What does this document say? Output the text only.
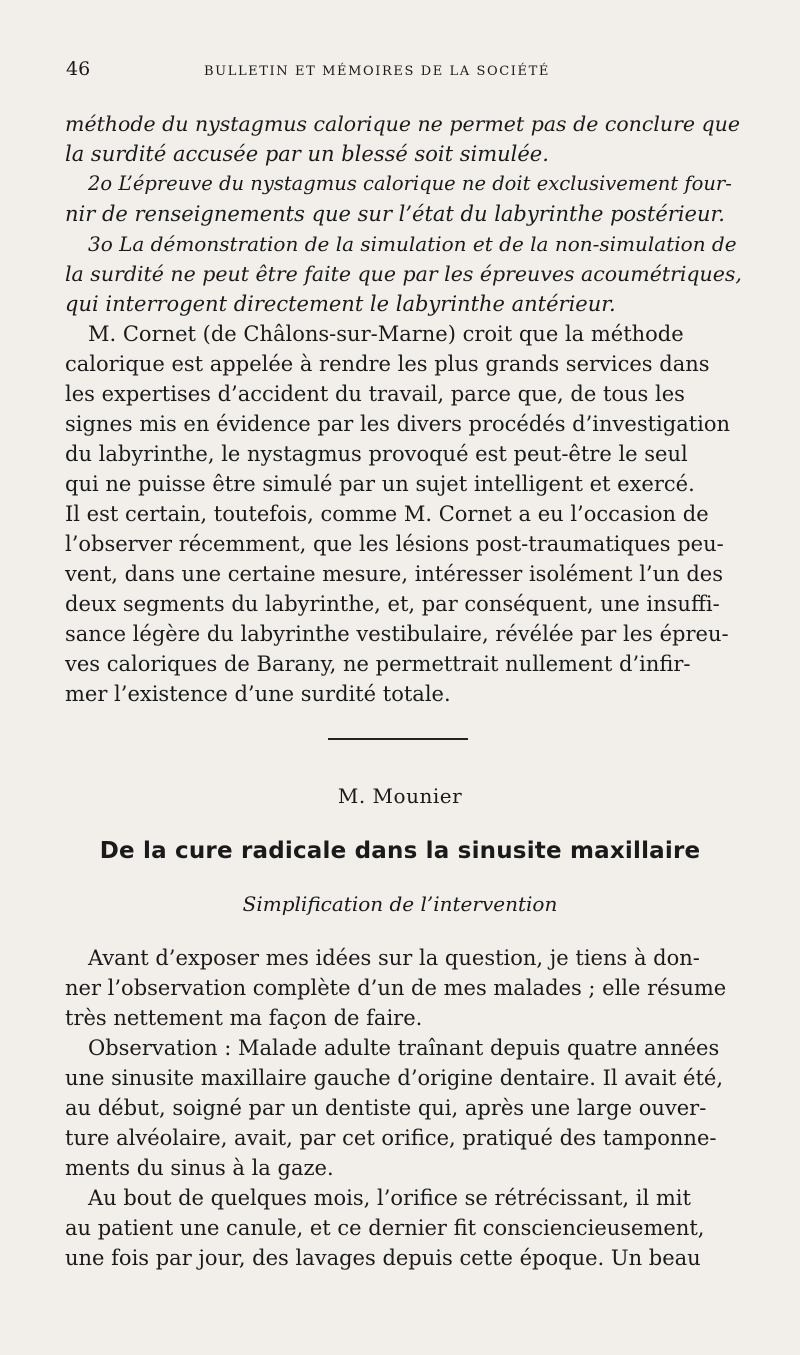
46	BULLETIN ET MÉMOIRES DE LA SOCIÉTÉ
méthode du nystagmus calorique ne permet pas de conclure que
la surdité accusée par un blessé soit simulée.
2o L’épreuve du nystagmus calorique ne doit exclusivement four-
nir de renseignements que sur l’état du labyrinthe postérieur.
3o La démonstration de la simulation et de la non-simulation de
la surdité ne peut être faite que par les épreuves acoumétriques,
qui interrogent directement le labyrinthe antérieur.
M. Cornet (de Châlons-sur-Marne) croit que la méthode
calorique est appelée à rendre les plus grands services dans
les expertises d’accident du travail, parce que, de tous les
signes mis en évidence par les divers procédés d’investigation
du labyrinthe, le nystagmus provoqué est peut-être le seul
qui ne puisse être simulé par un sujet intelligent et exercé.
Il est certain, toutefois, comme M. Cornet a eu l’occasion de
l’observer récemment, que les lésions post-traumatiques peu-
vent, dans une certaine mesure, intéresser isolément l’un des
deux segments du labyrinthe, et, par conséquent, une insuffi-
sance légère du labyrinthe vestibulaire, révélée par les épreu-
ves caloriques de Barany, ne permettrait nullement d’infir-
mer l’existence d’une surdité totale.
M. Mounier
De la cure radicale dans la sinusite maxillaire
Simplification de l’intervention
Avant d’exposer mes idées sur la question, je tiens à don-
ner l’observation complète d’un de mes malades ; elle résume
très nettement ma façon de faire.
Observation : Malade adulte traînant depuis quatre années
une sinusite maxillaire gauche d’origine dentaire. Il avait été,
au début, soigné par un dentiste qui, après une large ouver-
ture alvéolaire, avait, par cet orifice, pratiqué des tamponne-
ments du sinus à la gaze.
Au bout de quelques mois, l’orifice se rétrécissant, il mit
au patient une canule, et ce dernier fit consciencieusement,
une fois par jour, des lavages depuis cette époque. Un beau
